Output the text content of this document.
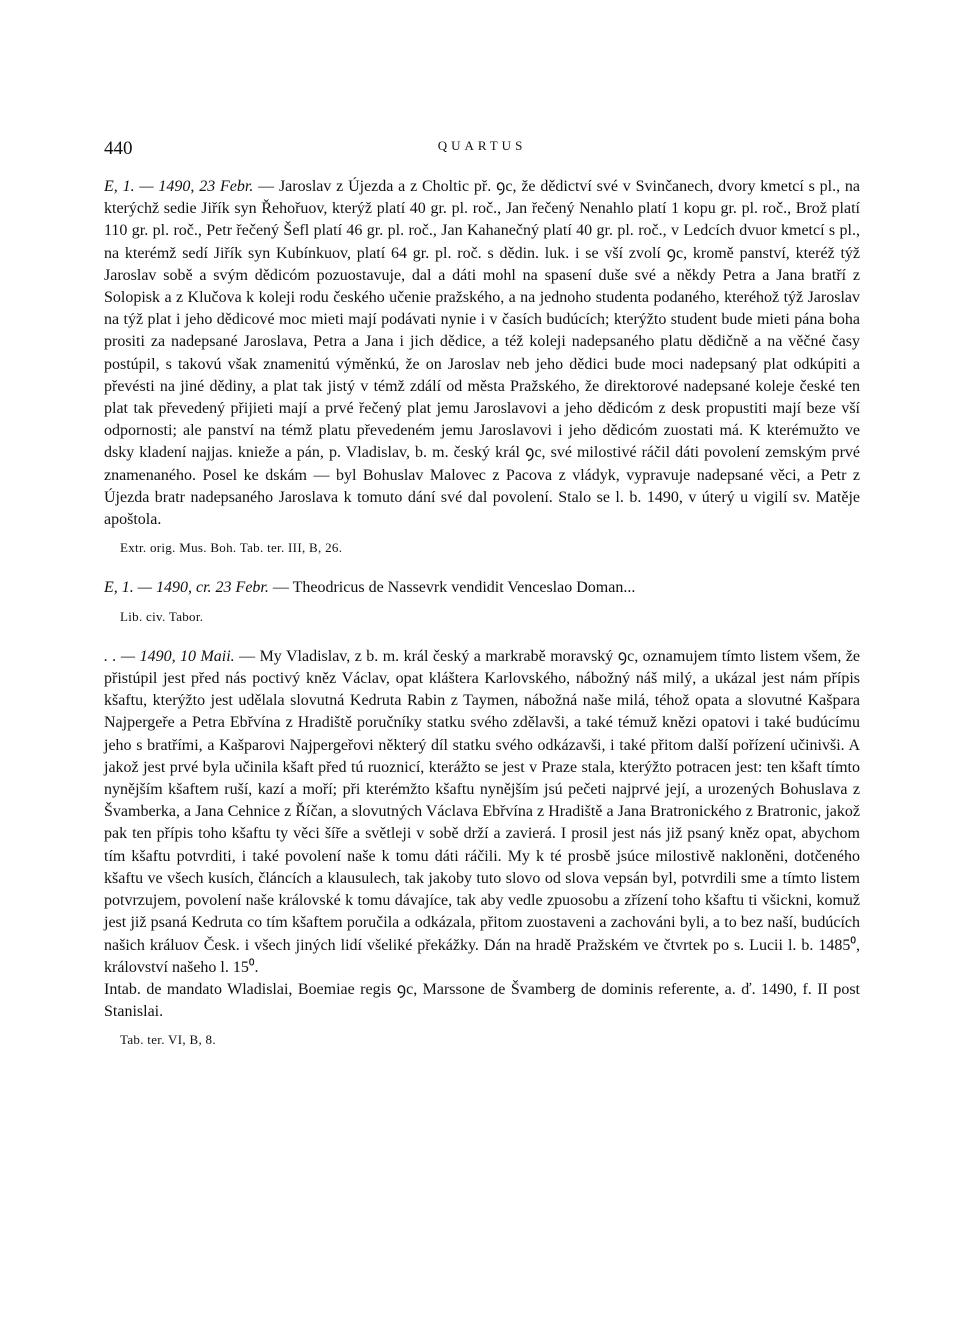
440	QUARTUS

E, 1. — 1490, 23 Febr. — Jaroslav z Újezda a z Choltic př. ꝯc, že dědictví své v Svinčanech, dvory kmetcí s pl., na kterýchž sedie Jiřík syn Řehořuov, kterýž platí 40 gr. pl. roč., Jan řečený Nenahlo platí 1 kopu gr. pl. roč., Brož platí 110 gr. pl. roč., Petr řečený Šefl platí 46 gr. pl. roč., Jan Kahanečný platí 40 gr. pl. roč., v Ledcích dvuor kmetcí s pl., na kterémž sedí Jiřík syn Kubínkuov, platí 64 gr. pl. roč. s dědin. luk. i se vší zvolí ꝯc, kromě panství, kteréž týž Jaroslav sobě a svým dědicóm pozuostavuje, dal a dáti mohl na spasení duše své a někdy Petra a Jana bratří z Solopisk a z Klučova k koleji rodu českého učenie pražského, a na jednoho studenta podaného, kteréhož týž Jaroslav na týž plat i jeho dědicové moc mieti mají podávati nynie i v časích budúcích; kterýžto student bude mieti pána boha prositi za nadepsané Jaroslava, Petra a Jana i jich dědice, a též koleji nadepsaného platu dědičně a na věčné časy postúpil, s takovú však znamenitú výměnkú, že on Jaroslav neb jeho dědici bude moci nadepsaný plat odkúpiti a převésti na jiné dědiny, a plat tak jistý v témž zdálí od města Pražského, že direktorové nadepsané koleje české ten plat tak převedený přijieti mají a prvé řečený plat jemu Jaroslavovi a jeho dědicóm z desk propustiti mají beze vší odpornosti; ale panství na témž platu převedeném jemu Jaroslavovi i jeho dědicóm zuostati má. K kterémužto ve dsky kladení najjas. knieže a pán, p. Vladislav, b. m. český král ꝯc, své milostivé ráčil dáti povolení zemským prvé znamenaného. Posel ke dskám — byl Bohuslav Malovec z Pacova z vládyk, vypravuje nadepsané věci, a Petr z Újezda bratr nadepsaného Jaroslava k tomuto dání své dal povolení. Stalo se l. b. 1490, v úterý u vigilí sv. Matěje apoštola.

Extr. orig. Mus. Boh. Tab. ter. III, B, 26.

E, 1. — 1490, cr. 23 Febr. — Theodricus de Nassevrk vendidit Venceslao Doman...

Lib. civ. Tabor.

. . — 1490, 10 Maii. — My Vladislav, z b. m. král český a markrabě moravský ꝯc, oznamujem tímto listem všem, že přistúpil jest před nás poctivý kněz Václav, opat kláštera Karlovského, nábožný náš milý, a ukázal jest nám přípis kšaftu, kterýžto jest udělala slovutná Kedruta Rabin z Taymen, nábožná naše milá, téhož opata a slovutné Kašpara Najpergeře a Petra Ebřvína z Hradiště poručníky statku svého zdělavši, a také témuž knězi opatovi i také budúcímu jeho s bratřími, a Kašparovi Najpergeřovi některý díl statku svého odkázavši, i také přitom další pořízení učinivši. A jakož jest prvé byla učinila kšaft před tú ruoznicí, kterážto se jest v Praze stala, kterýžto potracen jest: ten kšaft tímto nynějším kšaftem ruší, kazí a moří; při kterémžto kšaftu nynějším jsú pečeti najprvé její, a urozených Bohuslava z Švamberka, a Jana Cehnice z Říčan, a slovutných Václava Ebřvína z Hradiště a Jana Bratronického z Bratronic, jakož pak ten přípis toho kšaftu ty věci šíře a světleji v sobě drží a zavierá. I prosil jest nás již psaný kněz opat, abychom tím kšaftu potvrditi, i také povolení naše k tomu dáti ráčili. My k té prosbě jsúce milostivě nakloněni, dotčeného kšaftu ve všech kusích, článcích a klausulech, tak jakoby tuto slovo od slova vepsán byl, potvrdili sme a tímto listem potvrzujem, povolení naše královské k tomu dávajíce, tak aby vedle zpuosobu a zřízení toho kšaftu ti všickni, komuž jest již psaná Kedruta co tím kšaftem poručila a odkázala, přitom zuostaveni a zachováni byli, a to bez naší, budúcích našich králuov Česk. i všech jiných lidí všeliké překážky. Dán na hradě Pražském ve čtvrtek po s. Lucii l. b. 1485⁰, království našeho l. 15⁰.

Intab. de mandato Wladislai, Boemiae regis ꝯc, Marssone de Švamberg de dominis referente, a. ď. 1490, f. II post Stanislai.

Tab. ter. VI, B, 8.
